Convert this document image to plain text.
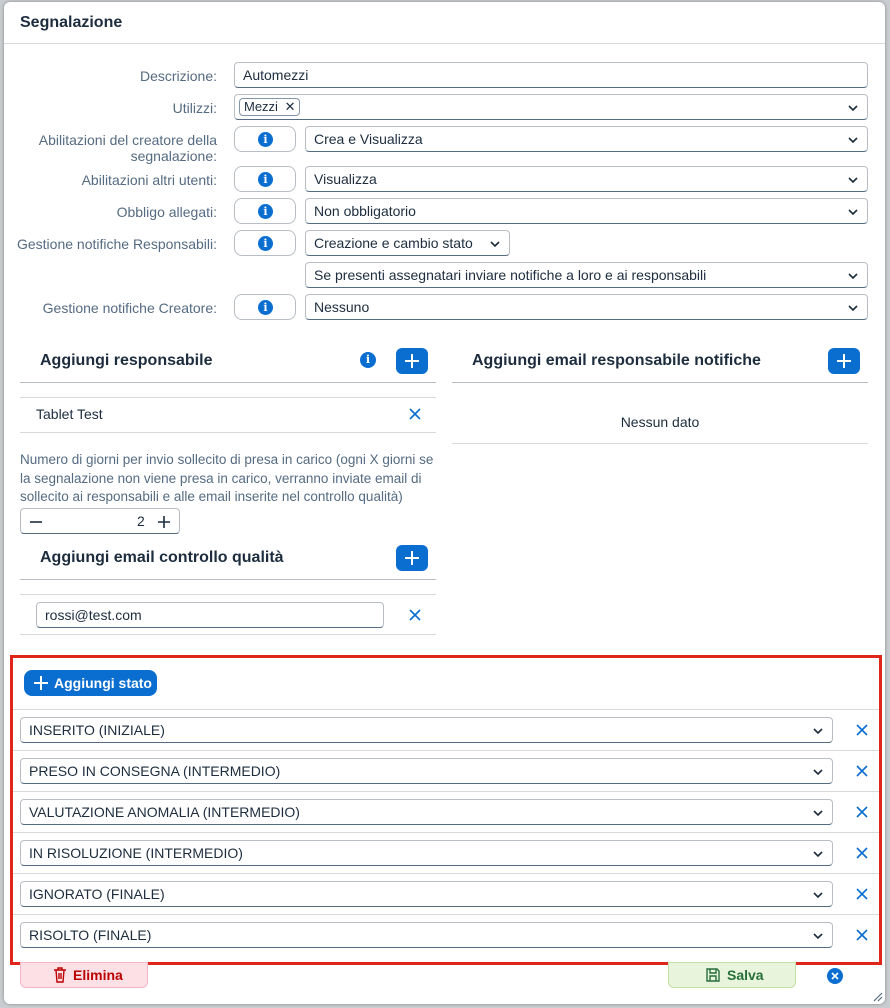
Segnalazione
Descrizione:	Automezzi
Utilizzi:	Mezzi ✕
Abilitazioni del creatore della
segnalazione:
i	Crea e Visualizza
Abilitazioni altri utenti:	i	Visualizza
Obbligo allegati:	i	Non obbligatorio
Gestione notifiche Responsabili:	i	Creazione e cambio stato
Se presenti assegnatari inviare notifiche a loro e ai responsabili
Gestione notifiche Creatore:	i	Nessuno
Aggiungi responsabile	i
Tablet Test
Numero di giorni per invio sollecito di presa in carico (ogni X giorni se la segnalazione non viene presa in carico, verranno inviate email di sollecito ai responsabili e alle email inserite nel controllo qualità)
2
Aggiungi email controllo qualità
rossi@test.com
Aggiungi email responsabile notifiche
Nessun dato
Aggiungi stato
INSERITO (INIZIALE)
PRESO IN CONSEGNA (INTERMEDIO)
VALUTAZIONE ANOMALIA (INTERMEDIO)
IN RISOLUZIONE (INTERMEDIO)
IGNORATO (FINALE)
RISOLTO (FINALE)
Elimina	Salva
